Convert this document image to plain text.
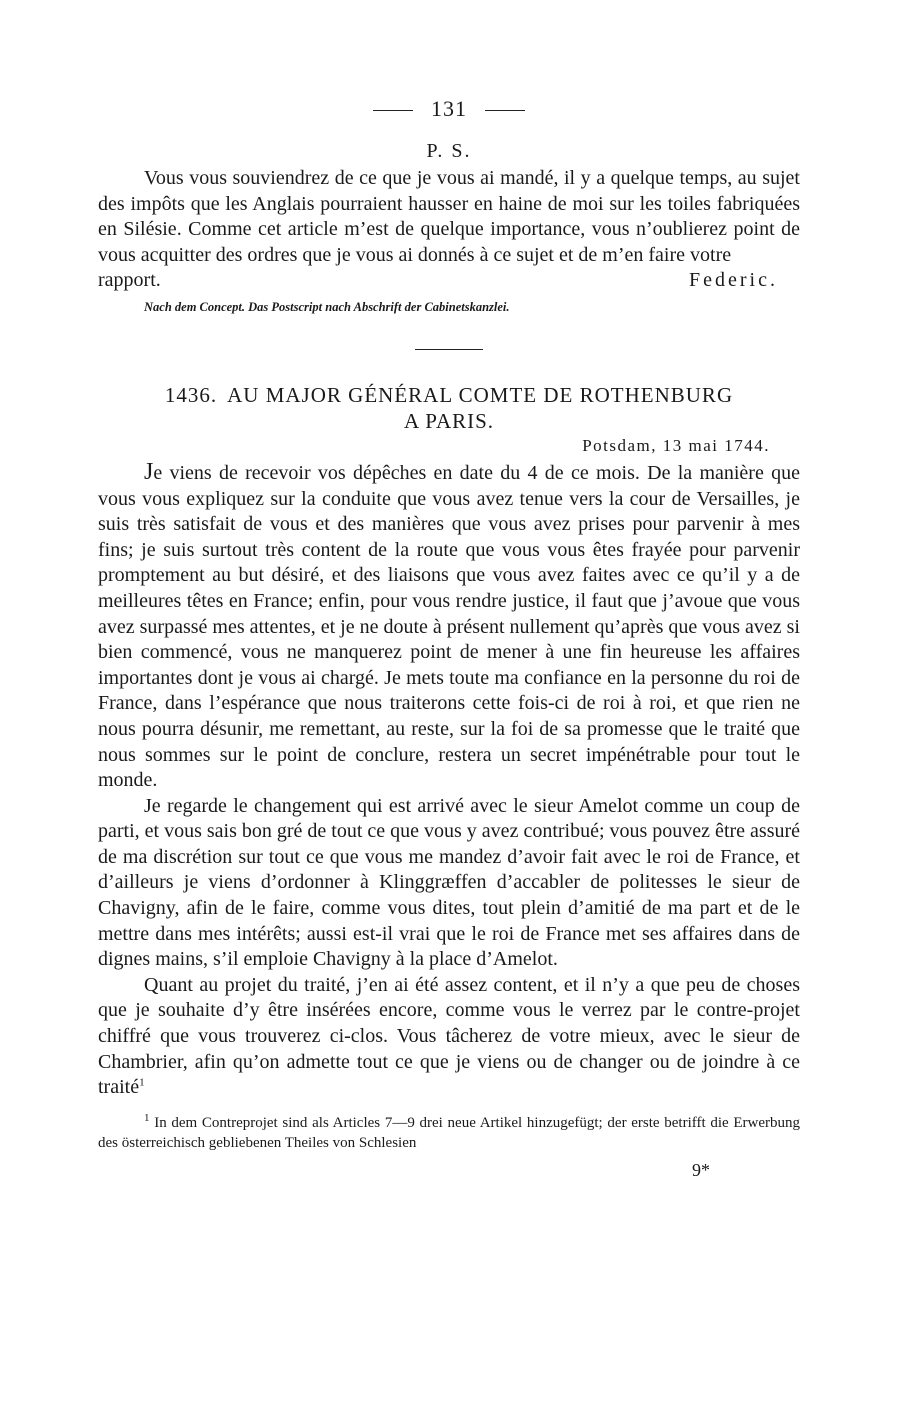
131
P. S.

Vous vous souviendrez de ce que je vous ai mandé, il y a quelque temps, au sujet des impôts que les Anglais pourraient hausser en haine de moi sur les toiles fabriquées en Silésie. Comme cet article m’est de quelque importance, vous n’oublierez point de vous acquitter des ordres que je vous ai donnés à ce sujet et de m’en faire votre

rapport.	Federic.
Nach dem Concept. Das Postscript nach Abschrift der Cabinetskanzlei.
1436. AU MAJOR GÉNÉRAL COMTE DE ROTHENBURG
A PARIS.
Potsdam, 13 mai 1744.

Je viens de recevoir vos dépêches en date du 4 de ce mois. De la manière que vous vous expliquez sur la conduite que vous avez tenue vers la cour de Versailles, je suis très satisfait de vous et des manières que vous avez prises pour parvenir à mes fins; je suis surtout très content de la route que vous vous êtes frayée pour parvenir promptement au but désiré, et des liaisons que vous avez faites avec ce qu’il y a de meilleures têtes en France; enfin, pour vous rendre justice, il faut que j’avoue que vous avez surpassé mes attentes, et je ne doute à présent nullement qu’après que vous avez si bien commencé, vous ne manquerez point de mener à une fin heureuse les affaires importantes dont je vous ai chargé. Je mets toute ma confiance en la personne du roi de France, dans l’espérance que nous traiterons cette fois-ci de roi à roi, et que rien ne nous pourra désunir, me remettant, au reste, sur la foi de sa promesse que le traité que nous sommes sur le point de conclure, restera un secret impénétrable pour tout le monde.

Je regarde le changement qui est arrivé avec le sieur Amelot comme un coup de parti, et vous sais bon gré de tout ce que vous y avez contribué; vous pouvez être assuré de ma discrétion sur tout ce que vous me mandez d’avoir fait avec le roi de France, et d’ailleurs je viens d’ordonner à Klinggræffen d’accabler de politesses le sieur de Chavigny, afin de le faire, comme vous dites, tout plein d’amitié de ma part et de le mettre dans mes intérêts; aussi est-il vrai que le roi de France met ses affaires dans de dignes mains, s’il emploie Chavigny à la place d’Amelot.

Quant au projet du traité, j’en ai été assez content, et il n’y a que peu de choses que je souhaite d’y être insérées encore, comme vous le verrez par le contre-projet chiffré que vous trouverez ci-clos. Vous tâcherez de votre mieux, avec le sieur de Chambrier, afin qu’on admette tout ce que je viens ou de changer ou de joindre à ce traité$^1$

$^1$ In dem Contreprojet sind als Articles 7—9 drei neue Artikel hinzugefügt; der erste betrifft die Erwerbung des österreichisch gebliebenen Theiles von Schlesien

9*
